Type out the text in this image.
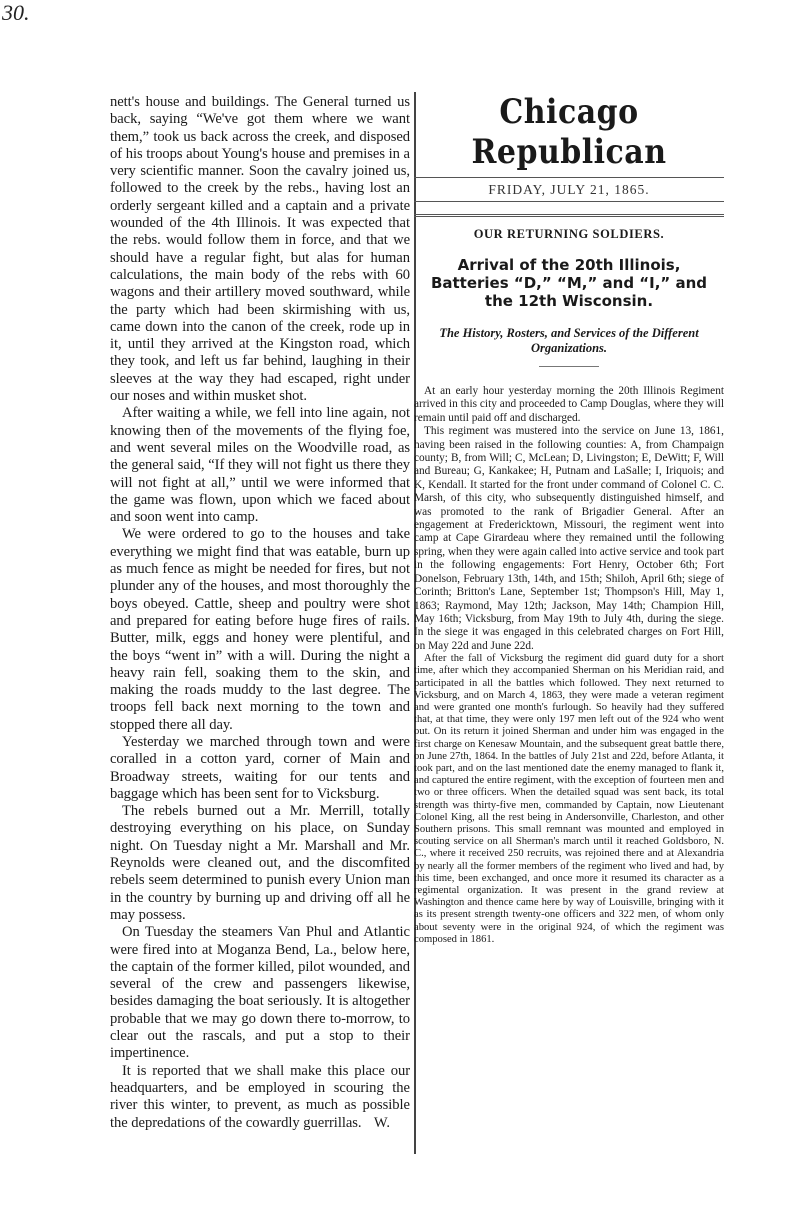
30.

nett's house and buildings. The General turned us back, saying “We've got them where we want them,” took us back across the creek, and disposed of his troops about Young's house and premises in a very scientific manner. Soon the cavalry joined us, followed to the creek by the rebs., having lost an orderly sergeant killed and a captain and a private wounded of the 4th Illinois. It was expected that the rebs. would follow them in force, and that we should have a regular fight, but alas for human calculations, the main body of the rebs with 60 wagons and their artillery moved southward, while the party which had been skirmishing with us, came down into the canon of the creek, rode up in it, until they arrived at the Kingston road, which they took, and left us far behind, laughing in their sleeves at the way they had escaped, right under our noses and within musket shot.

After waiting a while, we fell into line again, not knowing then of the movements of the flying foe, and went several miles on the Woodville road, as the general said, “If they will not fight us there they will not fight at all,” until we were informed that the game was flown, upon which we faced about and soon went into camp.

We were ordered to go to the houses and take everything we might find that was eatable, burn up as much fence as might be needed for fires, but not plunder any of the houses, and most thoroughly the boys obeyed. Cattle, sheep and poultry were shot and prepared for eating before huge fires of rails. Butter, milk, eggs and honey were plentiful, and the boys “went in” with a will. During the night a heavy rain fell, soaking them to the skin, and making the roads muddy to the last degree. The troops fell back next morning to the town and stopped there all day.

Yesterday we marched through town and were coralled in a cotton yard, corner of Main and Broadway streets, waiting for our tents and baggage which has been sent for to Vicksburg.

The rebels burned out a Mr. Merrill, totally destroying everything on his place, on Sunday night. On Tuesday night a Mr. Marshall and Mr. Reynolds were cleaned out, and the discomfited rebels seem determined to punish every Union man in the country by burning up and driving off all he may possess.

On Tuesday the steamers Van Phul and Atlantic were fired into at Moganza Bend, La., below here, the captain of the former killed, pilot wounded, and several of the crew and passengers likewise, besides damaging the boat seriously. It is altogether probable that we may go down there to-morrow, to clear out the rascals, and put a stop to their impertinence.

It is reported that we shall make this place our headquarters, and be employed in scouring the river this winter, to prevent, as much as possible the depredations of the cowardly guerrillas. W.
Chicago Republican
FRIDAY, JULY 21, 1865.
OUR RETURNING SOLDIERS.
Arrival of the 20th Illinois, Batteries “D,” “M,” and “I,” and the 12th Wisconsin.
The History, Rosters, and Services of the Different Organizations.

At an early hour yesterday morning the 20th Illinois Regiment arrived in this city and proceeded to Camp Douglas, where they will remain until paid off and discharged.

This regiment was mustered into the service on June 13, 1861, having been raised in the following counties: A, from Champaign county; B, from Will; C, McLean; D, Livingston; E, DeWitt; F, Will and Bureau; G, Kankakee; H, Putnam and LaSalle; I, Iriquois; and K, Kendall. It started for the front under command of Colonel C. C. Marsh, of this city, who subsequently distinguished himself, and was promoted to the rank of Brigadier General. After an engagement at Fredericktown, Missouri, the regiment went into camp at Cape Girardeau where they remained until the following spring, when they were again called into active service and took part in the following engagements: Fort Henry, October 6th; Fort Donelson, February 13th, 14th, and 15th; Shiloh, April 6th; siege of Corinth; Britton's Lane, September 1st; Thompson's Hill, May 1, 1863; Raymond, May 12th; Jackson, May 14th; Champion Hill, May 16th; Vicksburg, from May 19th to July 4th, during the siege. In the siege it was engaged in this celebrated charges on Fort Hill, on May 22d and June 22d.

After the fall of Vicksburg the regiment did guard duty for a short time, after which they accompanied Sherman on his Meridian raid, and participated in all the battles which followed. They next returned to Vicksburg, and on March 4, 1863, they were made a veteran regiment and were granted one month's furlough. So heavily had they suffered that, at that time, they were only 197 men left out of the 924 who went out. On its return it joined Sherman and under him was engaged in the first charge on Kenesaw Mountain, and the subsequent great battle there, on June 27th, 1864. In the battles of July 21st and 22d, before Atlanta, it took part, and on the last mentioned date the enemy managed to flank it, and captured the entire regiment, with the exception of fourteen men and two or three officers. When the detailed squad was sent back, its total strength was thirty-five men, commanded by Captain, now Lieutenant Colonel King, all the rest being in Andersonville, Charleston, and other Southern prisons. This small remnant was mounted and employed in scouting service on all Sherman's march until it reached Goldsboro, N. C., where it received 250 recruits, was rejoined there and at Alexandria by nearly all the former members of the regiment who lived and had, by this time, been exchanged, and once more it resumed its character as a regimental organization. It was present in the grand review at Washington and thence came here by way of Louisville, bringing with it as its present strength twenty-one officers and 322 men, of whom only about seventy were in the original 924, of which the regiment was composed in 1861.
